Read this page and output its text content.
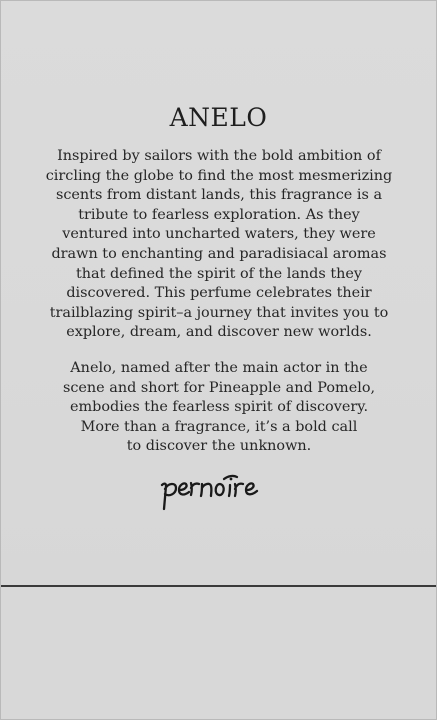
ANELO
Inspired by sailors with the bold ambition of
circling the globe to find the most mesmerizing
scents from distant lands, this fragrance is a
tribute to fearless exploration. As they
ventured into uncharted waters, they were
drawn to enchanting and paradisiacal aromas
that defined the spirit of the lands they
discovered. This perfume celebrates their
trailblazing spirit–a journey that invites you to
explore, dream, and discover new worlds.
Anelo, named after the main actor in the
scene and short for Pineapple and Pomelo,
embodies the fearless spirit of discovery.
More than a fragrance, it’s a bold call
to discover the unknown.
